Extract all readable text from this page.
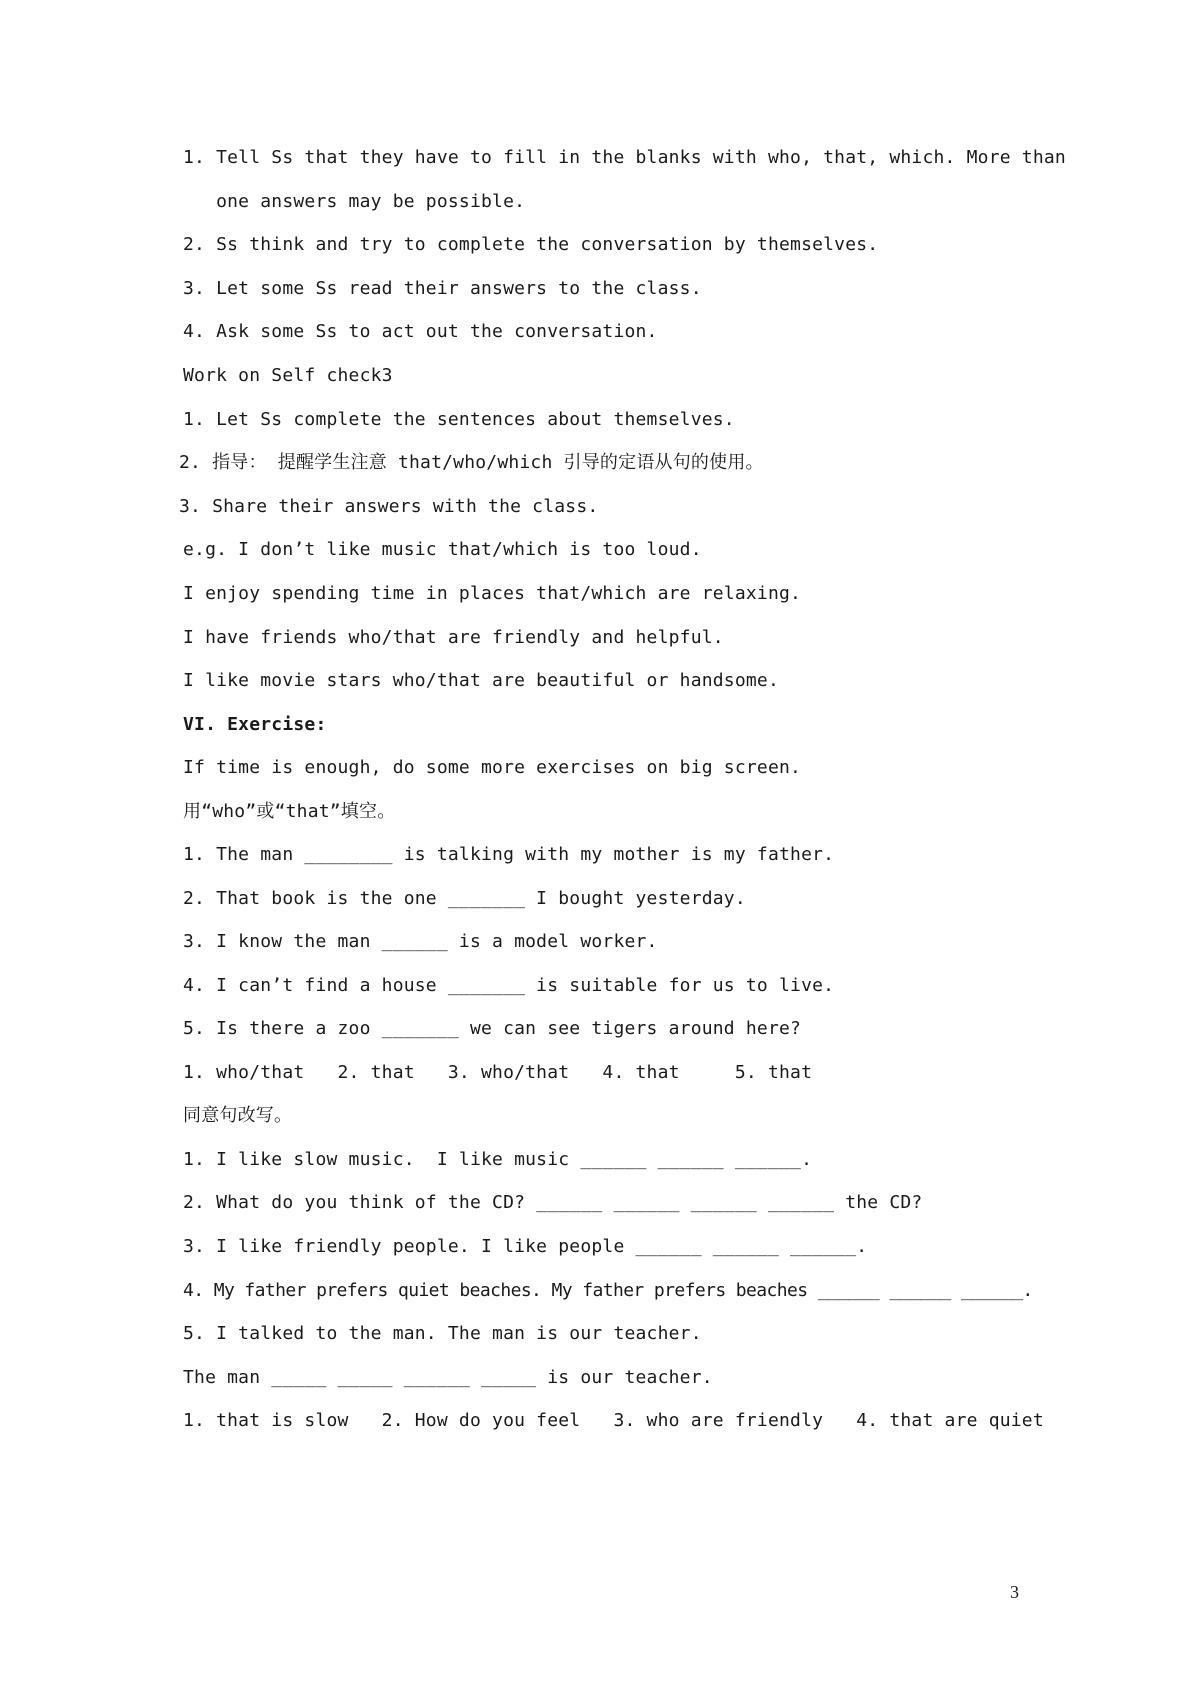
1. Tell Ss that they have to fill in the blanks with who, that, which. More than
one answers may be possible.
2. Ss think and try to complete the conversation by themselves.
3. Let some Ss read their answers to the class.
4. Ask some Ss to act out the conversation.
Work on Self check3
1. Let Ss complete the sentences about themselves.
2. 指导： 提醒学生注意 that/who/which 引导的定语从句的使用。
3. Share their answers with the class.
e.g. I don’t like music that/which is too loud.
I enjoy spending time in places that/which are relaxing.
I have friends who/that are friendly and helpful.
I like movie stars who/that are beautiful or handsome.
VI. Exercise:
If time is enough, do some more exercises on big screen.
用“who”或“that”填空。
1. The man ________ is talking with my mother is my father.
2. That book is the one _______ I bought yesterday.
3. I know the man ______ is a model worker.
4. I can’t find a house _______ is suitable for us to live.
5. Is there a zoo _______ we can see tigers around here?
1. who/that   2. that   3. who/that   4. that     5. that
同意句改写。
1. I like slow music.  I like music ______ ______ ______.
2. What do you think of the CD? ______ ______ ______ ______ the CD?
3. I like friendly people. I like people ______ ______ ______.
4. My father prefers quiet beaches. My father prefers beaches ______ ______ ______.
5. I talked to the man. The man is our teacher.
The man _____ _____ ______ _____ is our teacher.
1. that is slow   2. How do you feel   3. who are friendly   4. that are quiet
3
